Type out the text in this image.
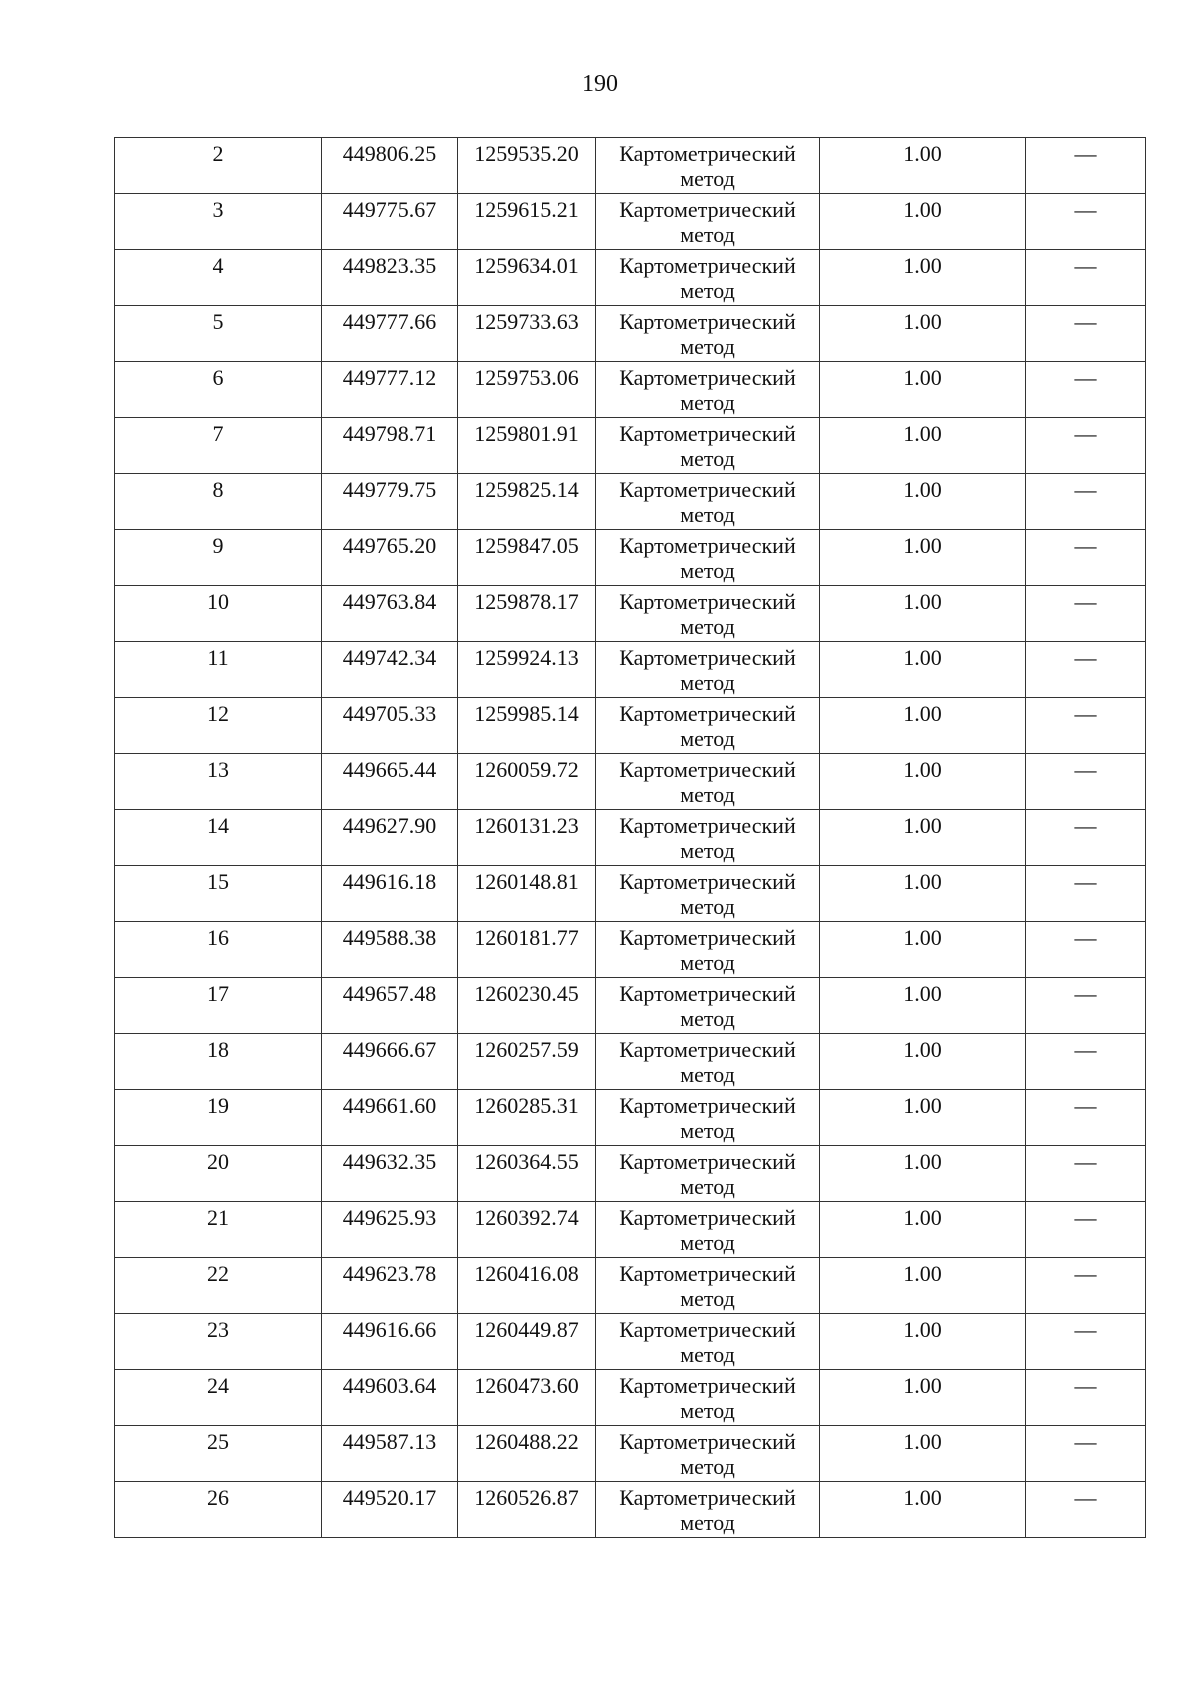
190
2	449806.25	1259535.20	Картометрический
метод	1.00	—

3	449775.67	1259615.21	Картометрический
метод	1.00	—

4	449823.35	1259634.01	Картометрический
метод	1.00	—

5	449777.66	1259733.63	Картометрический
метод	1.00	—

6	449777.12	1259753.06	Картометрический
метод	1.00	—

7	449798.71	1259801.91	Картометрический
метод	1.00	—

8	449779.75	1259825.14	Картометрический
метод	1.00	—

9	449765.20	1259847.05	Картометрический
метод	1.00	—

10	449763.84	1259878.17	Картометрический
метод	1.00	—

11	449742.34	1259924.13	Картометрический
метод	1.00	—

12	449705.33	1259985.14	Картометрический
метод	1.00	—

13	449665.44	1260059.72	Картометрический
метод	1.00	—

14	449627.90	1260131.23	Картометрический
метод	1.00	—

15	449616.18	1260148.81	Картометрический
метод	1.00	—

16	449588.38	1260181.77	Картометрический
метод	1.00	—

17	449657.48	1260230.45	Картометрический
метод	1.00	—

18	449666.67	1260257.59	Картометрический
метод	1.00	—

19	449661.60	1260285.31	Картометрический
метод	1.00	—

20	449632.35	1260364.55	Картометрический
метод	1.00	—

21	449625.93	1260392.74	Картометрический
метод	1.00	—

22	449623.78	1260416.08	Картометрический
метод	1.00	—

23	449616.66	1260449.87	Картометрический
метод	1.00	—

24	449603.64	1260473.60	Картометрический
метод	1.00	—

25	449587.13	1260488.22	Картометрический
метод	1.00	—

26	449520.17	1260526.87	Картометрический
метод	1.00	—
